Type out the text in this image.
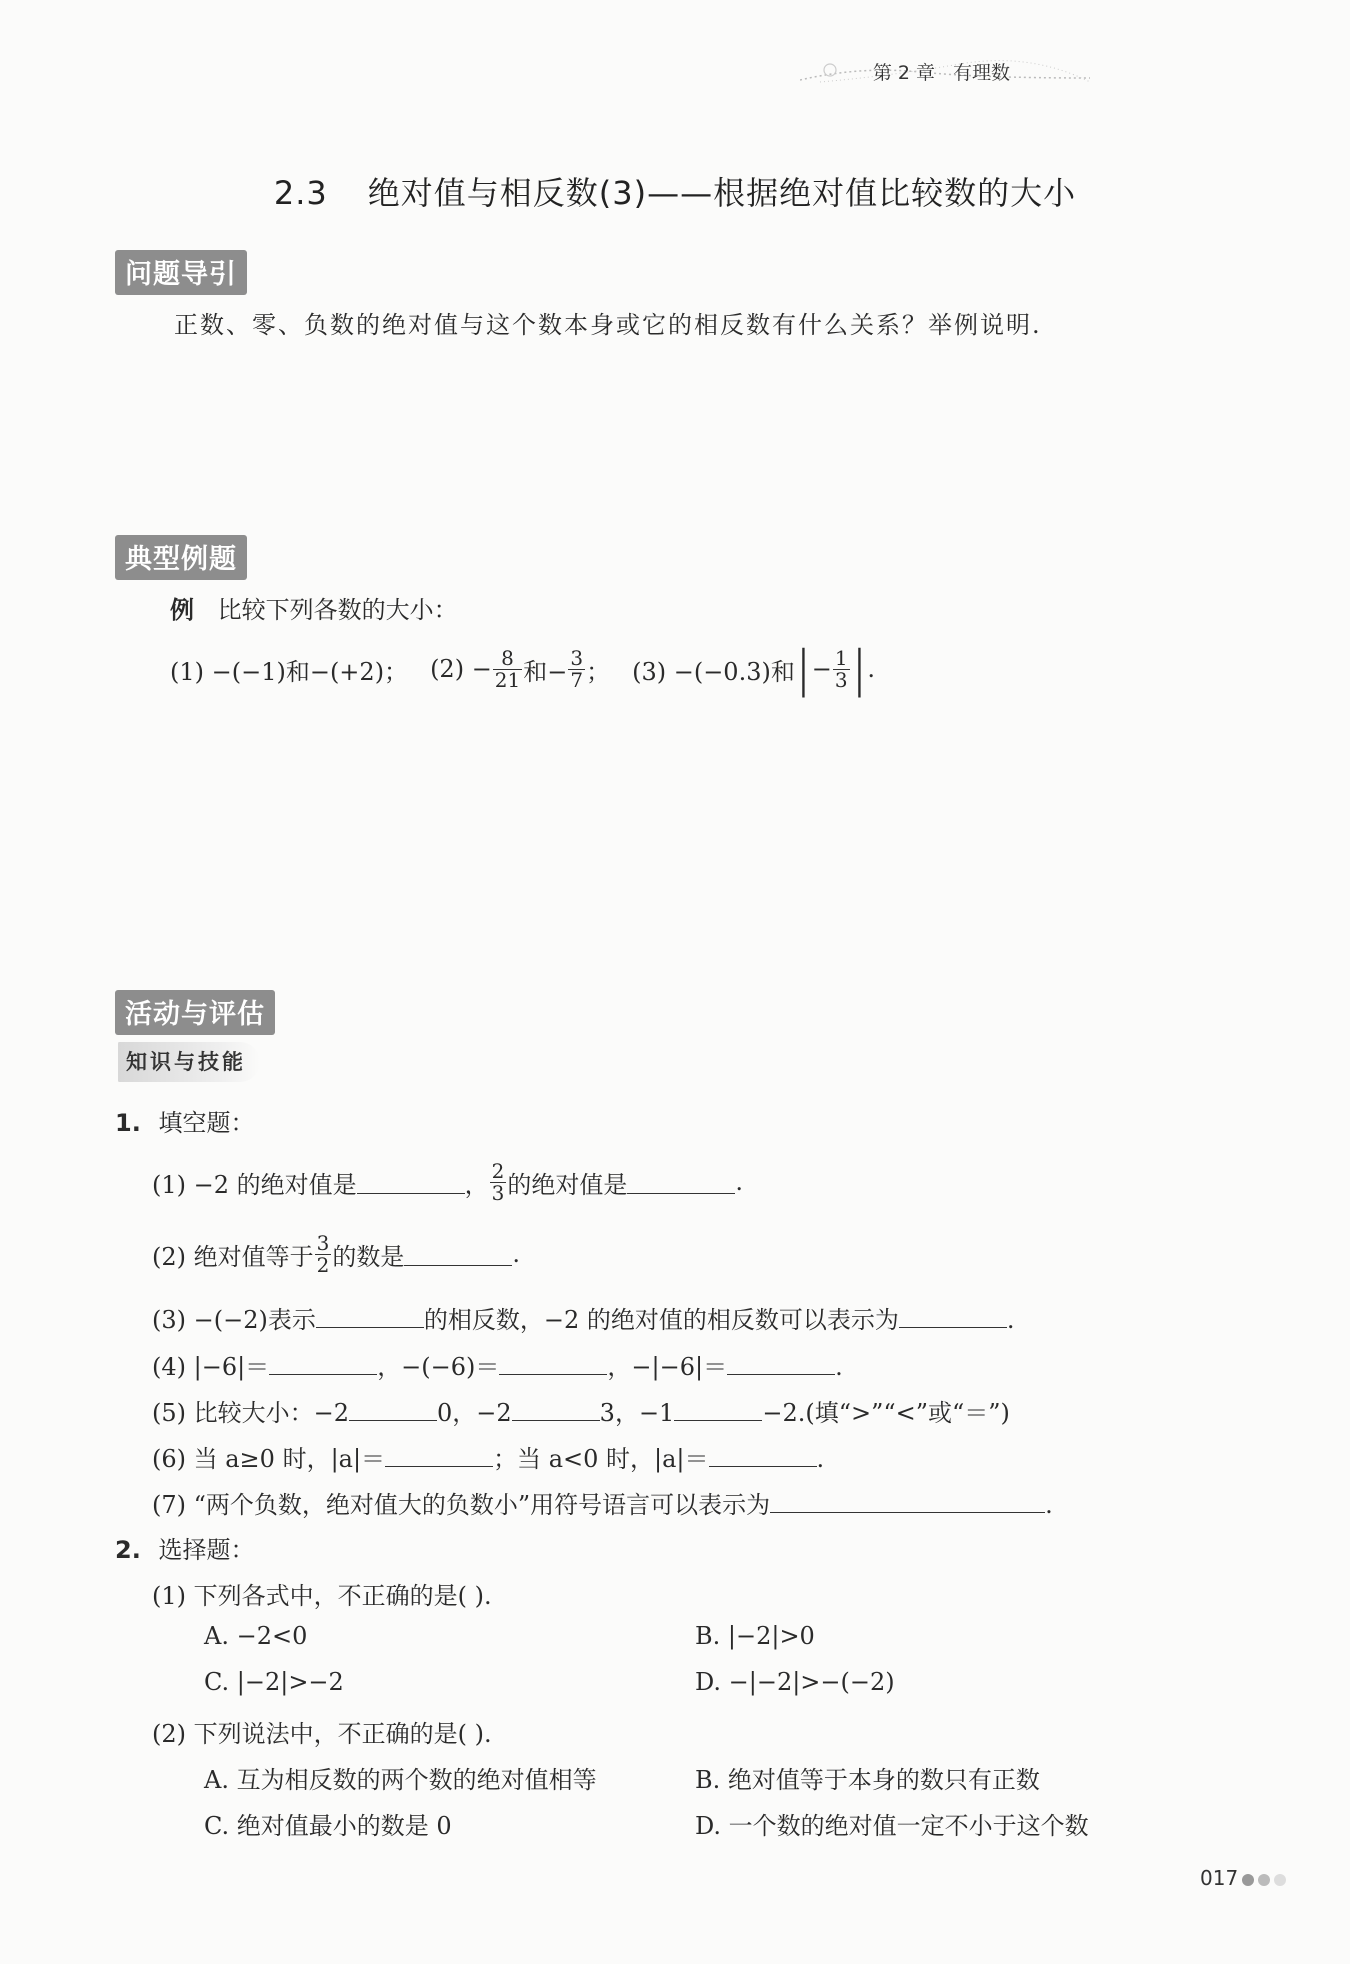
第 2 章 有理数
2.3 绝对值与相反数(3)——根据绝对值比较数的大小
问题导引
正数、零、负数的绝对值与这个数本身或它的相反数有什么关系？举例说明.
典型例题
例 比较下列各数的大小：
(1) −(−1)和−(+2)； $(2) - \frac{8}{21}$ 和− $\frac{3}{7}$ ； (3) −(−0.3)和 | − $\frac{1}{3}$ | .
活动与评估
知识与技能
1. 填空题：
(1) −2 的绝对值是	， $\frac{2}{3}$ 的绝对值是	.
(2) 绝对值等于 $\frac{3}{2}$ 的数是	.
(3) −(−2)表示	的相反数，−2 的绝对值的相反数可以表示为	.
(4) |−6|＝	，−(−6)＝	，−|−6|＝	.
(5) 比较大小：−2	0，−2	3，−1	−2.(填“>”“<”或“＝”)
(6) 当 a≥0 时，|a|＝	；当 a<0 时，|a|＝	.
(7) “两个负数，绝对值大的负数小”用符号语言可以表示为	.
2. 选择题：
(1) 下列各式中，不正确的是( ).
A. −2<0	B. |−2|>0
C. |−2|>−2	D. −|−2|>−(−2)
(2) 下列说法中，不正确的是( ).
A. 互为相反数的两个数的绝对值相等	B. 绝对值等于本身的数只有正数
C. 绝对值最小的数是 0	D. 一个数的绝对值一定不小于这个数
017
